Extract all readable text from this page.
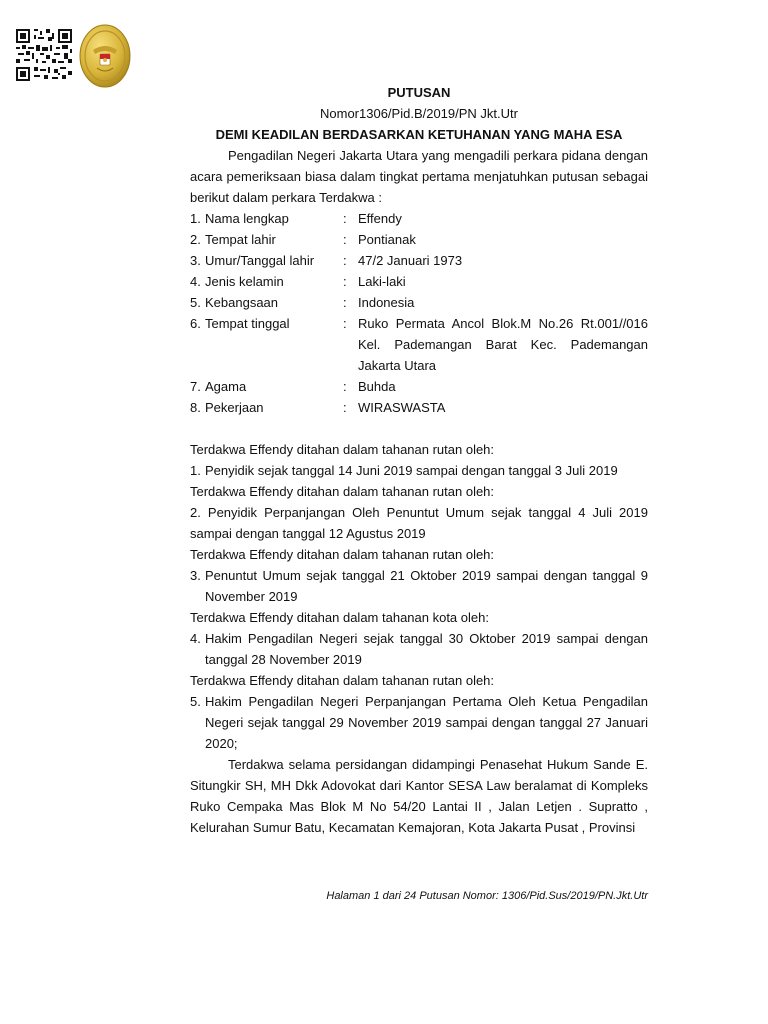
PUTUSAN
Nomor1306/Pid.B/2019/PN Jkt.Utr
DEMI KEADILAN BERDASARKAN KETUHANAN YANG MAHA ESA

Pengadilan Negeri Jakarta Utara yang mengadili perkara pidana dengan acara pemeriksaan biasa dalam tingkat pertama menjatuhkan putusan sebagai berikut dalam perkara Terdakwa :

1. Nama lengkap	: Effendy
2. Tempat lahir	: Pontianak
3. Umur/Tanggal lahir	: 47/2 Januari 1973
4. Jenis kelamin	: Laki-laki
5. Kebangsaan	: Indonesia
6. Tempat tinggal	: Ruko Permata Ancol Blok.M No.26 Rt.001//016 Kel. Pademangan Barat Kec. Pademangan Jakarta Utara
7. Agama	: Buhda
8. Pekerjaan	: WIRASWASTA

Terdakwa Effendy ditahan dalam tahanan rutan oleh:

1. Penyidik sejak tanggal 14 Juni 2019 sampai dengan tanggal 3 Juli 2019

Terdakwa Effendy ditahan dalam tahanan rutan oleh:

2. Penyidik Perpanjangan Oleh Penuntut Umum sejak tanggal 4 Juli 2019 sampai dengan tanggal 12 Agustus 2019

Terdakwa Effendy ditahan dalam tahanan rutan oleh:

3. Penuntut Umum sejak tanggal 21 Oktober 2019 sampai dengan tanggal 9 November 2019

Terdakwa Effendy ditahan dalam tahanan kota oleh:

4. Hakim Pengadilan Negeri sejak tanggal 30 Oktober 2019 sampai dengan tanggal 28 November 2019

Terdakwa Effendy ditahan dalam tahanan rutan oleh:

5. Hakim Pengadilan Negeri Perpanjangan Pertama Oleh Ketua Pengadilan Negeri sejak tanggal 29 November 2019 sampai dengan tanggal 27 Januari 2020;

Terdakwa selama persidangan didampingi Penasehat Hukum Sande E. Situngkir SH, MH Dkk Adovokat dari Kantor SESA Law beralamat di Kompleks Ruko Cempaka Mas Blok M No 54/20 Lantai II , Jalan Letjen . Supratto , Kelurahan Sumur Batu, Kecamatan Kemajoran, Kota Jakarta Pusat , Provinsi

Halaman 1 dari 24 Putusan Nomor: 1306/Pid.Sus/2019/PN.Jkt.Utr
